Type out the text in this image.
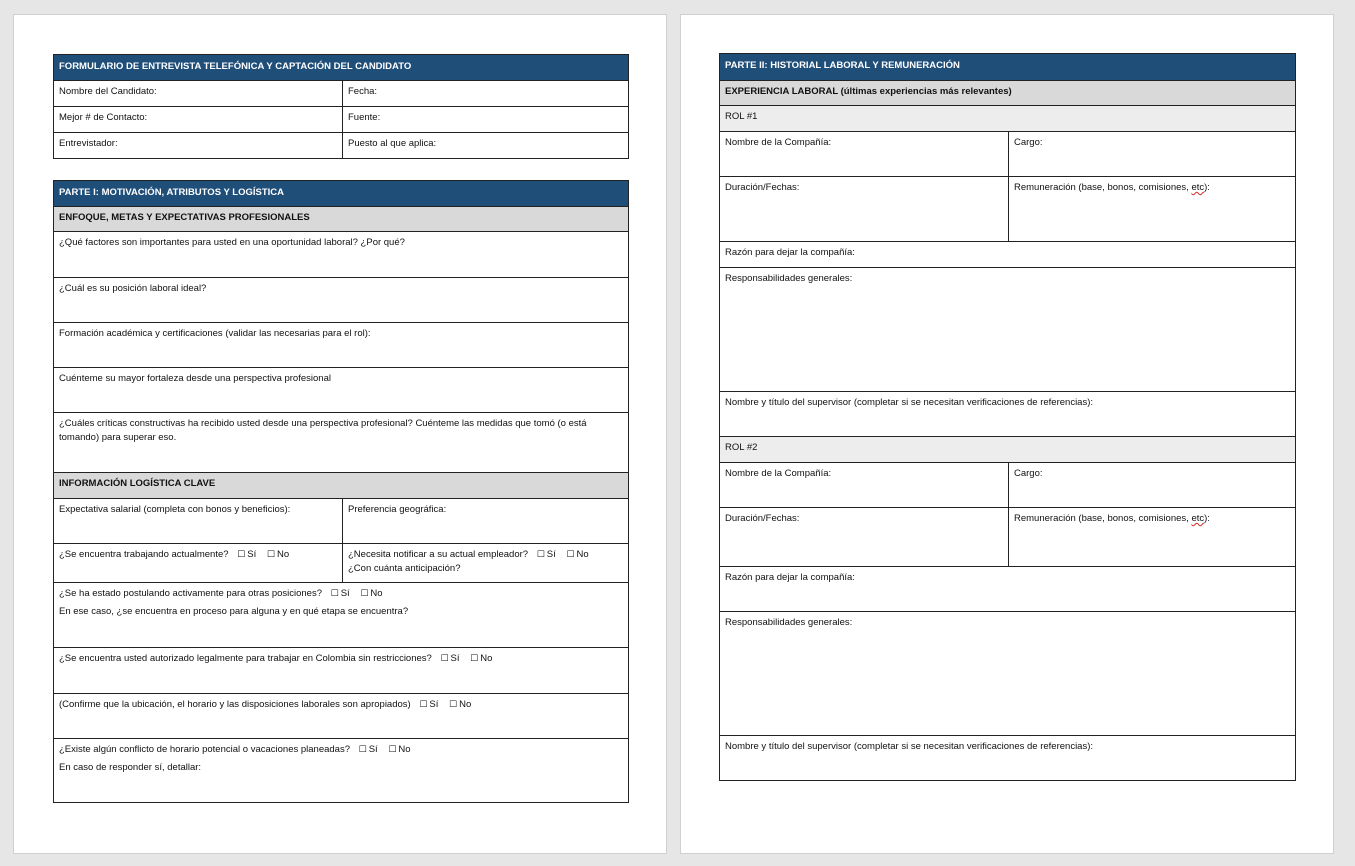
FORMULARIO DE ENTREVISTA TELEFÓNICA Y CAPTACIÓN DEL CANDIDATO
Nombre del Candidato:	Fecha:
Mejor # de Contacto:	Fuente:
Entrevistador:	Puesto al que aplica:
PARTE I: MOTIVACIÓN, ATRIBUTOS Y LOGÍSTICA
ENFOQUE, METAS Y EXPECTATIVAS PROFESIONALES
¿Qué factores son importantes para usted en una oportunidad laboral? ¿Por qué?
¿Cuál es su posición laboral ideal?
Formación académica y certificaciones (validar las necesarias para el rol):
Cuénteme su mayor fortaleza desde una perspectiva profesional
¿Cuáles críticas constructivas ha recibido usted desde una perspectiva profesional? Cuénteme las medidas que tomó (o está tomando) para superar eso.
INFORMACIÓN LOGÍSTICA CLAVE
Expectativa salarial (completa con bonos y beneficios):	Preferencia geográfica:
¿Se encuentra trabajando actualmente? ☐ Sí ☐ No	¿Necesita notificar a su actual empleador? ☐ Sí ☐ No
¿Con cuánta anticipación?
¿Se ha estado postulando activamente para otras posiciones? ☐ Sí ☐ No
En ese caso, ¿se encuentra en proceso para alguna y en qué etapa se encuentra?
¿Se encuentra usted autorizado legalmente para trabajar en Colombia sin restricciones? ☐ Sí ☐ No
(Confirme que la ubicación, el horario y las disposiciones laborales son apropiados) ☐ Sí ☐ No
¿Existe algún conflicto de horario potencial o vacaciones planeadas? ☐ Sí ☐ No
En caso de responder sí, detallar:
PARTE II: HISTORIAL LABORAL Y REMUNERACIÓN
EXPERIENCIA LABORAL (últimas experiencias más relevantes)
ROL #1
Nombre de la Compañía:	Cargo:
Duración/Fechas:	Remuneración (base, bonos, comisiones, etc):
Razón para dejar la compañía:
Responsabilidades generales:
Nombre y título del supervisor (completar si se necesitan verificaciones de referencias):
ROL #2
Nombre de la Compañía:	Cargo:
Duración/Fechas:	Remuneración (base, bonos, comisiones, etc):
Razón para dejar la compañía:
Responsabilidades generales:
Nombre y título del supervisor (completar si se necesitan verificaciones de referencias):
